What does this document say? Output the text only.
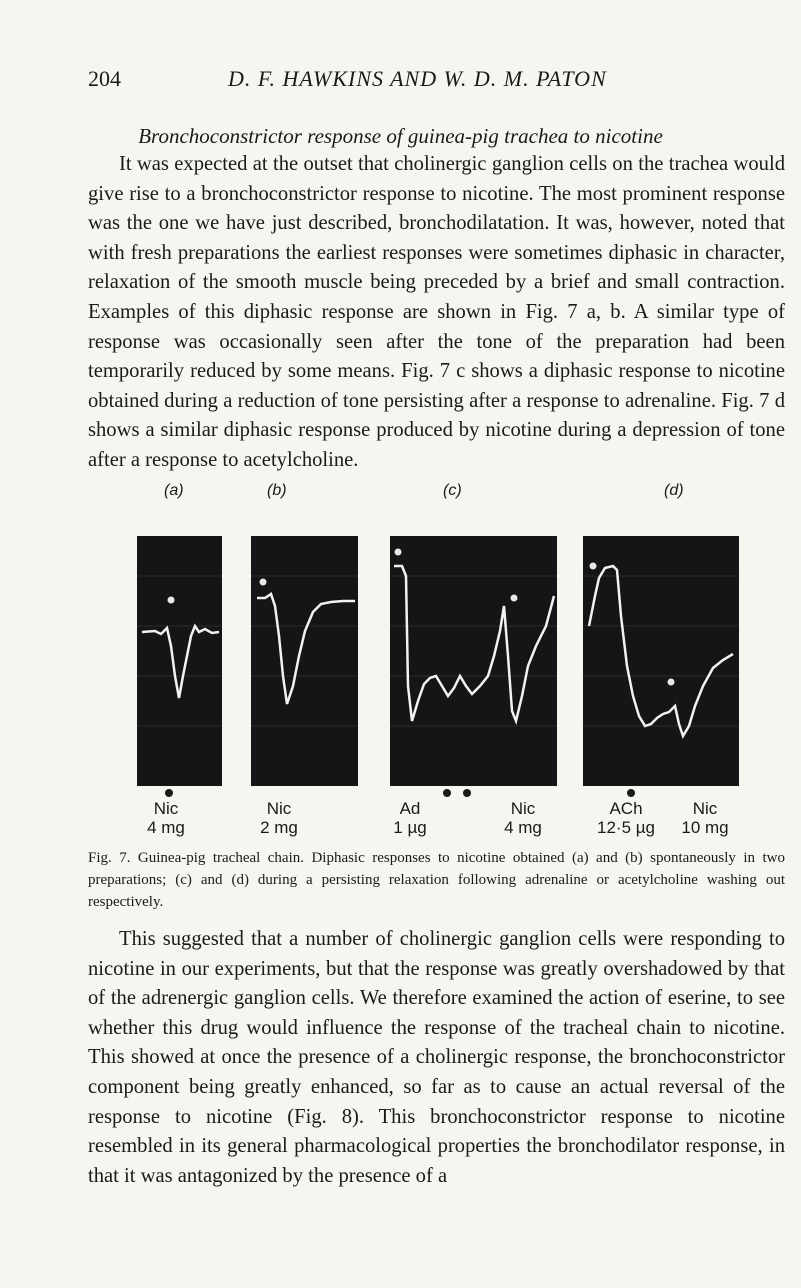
204	D. F. HAWKINS AND W. D. M. PATON
Bronchoconstrictor response of guinea-pig trachea to nicotine

It was expected at the outset that cholinergic ganglion cells on the trachea would give rise to a bronchoconstrictor response to nicotine. The most prominent response was the one we have just described, bronchodilatation. It was, however, noted that with fresh preparations the earliest responses were sometimes diphasic in character, relaxation of the smooth muscle being preceded by a brief and small contraction. Examples of this diphasic response are shown in Fig. 7 a, b. A similar type of response was occasionally seen after the tone of the preparation had been temporarily reduced by some means. Fig. 7 c shows a diphasic response to nicotine obtained during a reduction of tone persisting after a response to adrenaline. Fig. 7 d shows a similar diphasic response produced by nicotine during a depression of tone after a response to acetylcholine.

(a)	(b)	(c)	(d)
Nic
4 mg
Nic
2 mg
Ad
1 µg
Nic
4 mg
ACh
12·5 µg
Nic
10 mg
Fig. 7. Guinea-pig tracheal chain. Diphasic responses to nicotine obtained (a) and (b) spontaneously in two preparations; (c) and (d) during a persisting relaxation following adrenaline or acetylcholine washing out respectively.

This suggested that a number of cholinergic ganglion cells were responding to nicotine in our experiments, but that the response was greatly overshadowed by that of the adrenergic ganglion cells. We therefore examined the action of eserine, to see whether this drug would influence the response of the tracheal chain to nicotine. This showed at once the presence of a cholinergic response, the bronchoconstrictor component being greatly enhanced, so far as to cause an actual reversal of the response to nicotine (Fig. 8). This bronchoconstrictor response to nicotine resembled in its general pharmacological properties the bronchodilator response, in that it was antagonized by the presence of a
